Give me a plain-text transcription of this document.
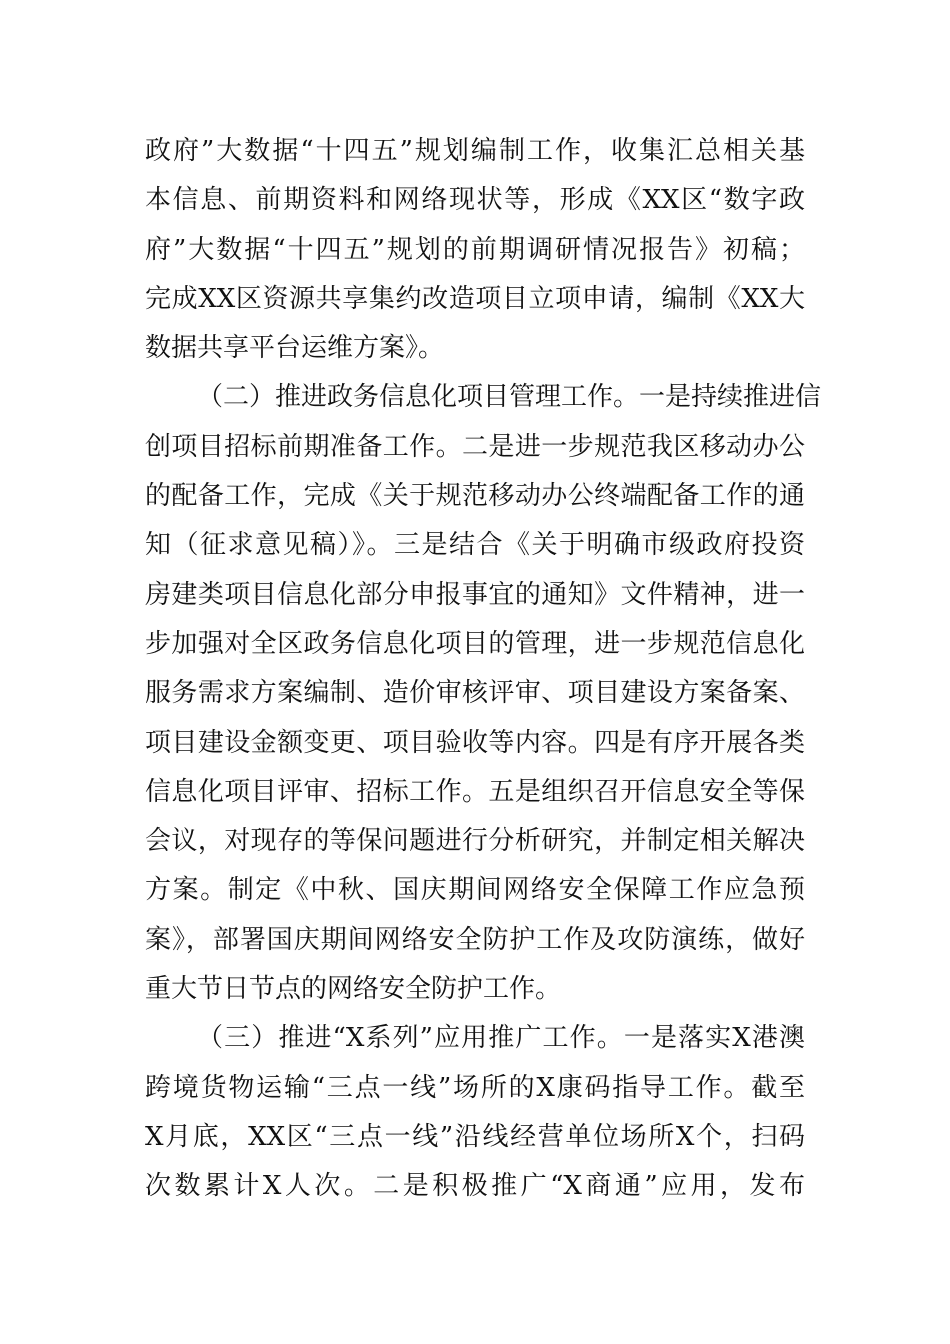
政府”大数据“十四五”规划编制工作，收集汇总相关基
本信息、前期资料和网络现状等，形成《XX区“数字政
府”大数据“十四五”规划的前期调研情况报告》初稿；
完成XX区资源共享集约改造项目立项申请，编制《XX大
数据共享平台运维方案》。
（二）推进政务信息化项目管理工作。一是持续推进信
创项目招标前期准备工作。二是进一步规范我区移动办公
的配备工作，完成《关于规范移动办公终端配备工作的通
知（征求意见稿）》。三是结合《关于明确市级政府投资
房建类项目信息化部分申报事宜的通知》文件精神，进一
步加强对全区政务信息化项目的管理，进一步规范信息化
服务需求方案编制、造价审核评审、项目建设方案备案、
项目建设金额变更、项目验收等内容。四是有序开展各类
信息化项目评审、招标工作。五是组织召开信息安全等保
会议，对现存的等保问题进行分析研究，并制定相关解决
方案。制定《中秋、国庆期间网络安全保障工作应急预
案》，部署国庆期间网络安全防护工作及攻防演练，做好
重大节日节点的网络安全防护工作。
（三）推进“X系列”应用推广工作。一是落实X港澳
跨境货物运输“三点一线”场所的X康码指导工作。截至
X月底，XX区“三点一线”沿线经营单位场所X个，扫码
次数累计X人次。二是积极推广“X商通”应用，发布
